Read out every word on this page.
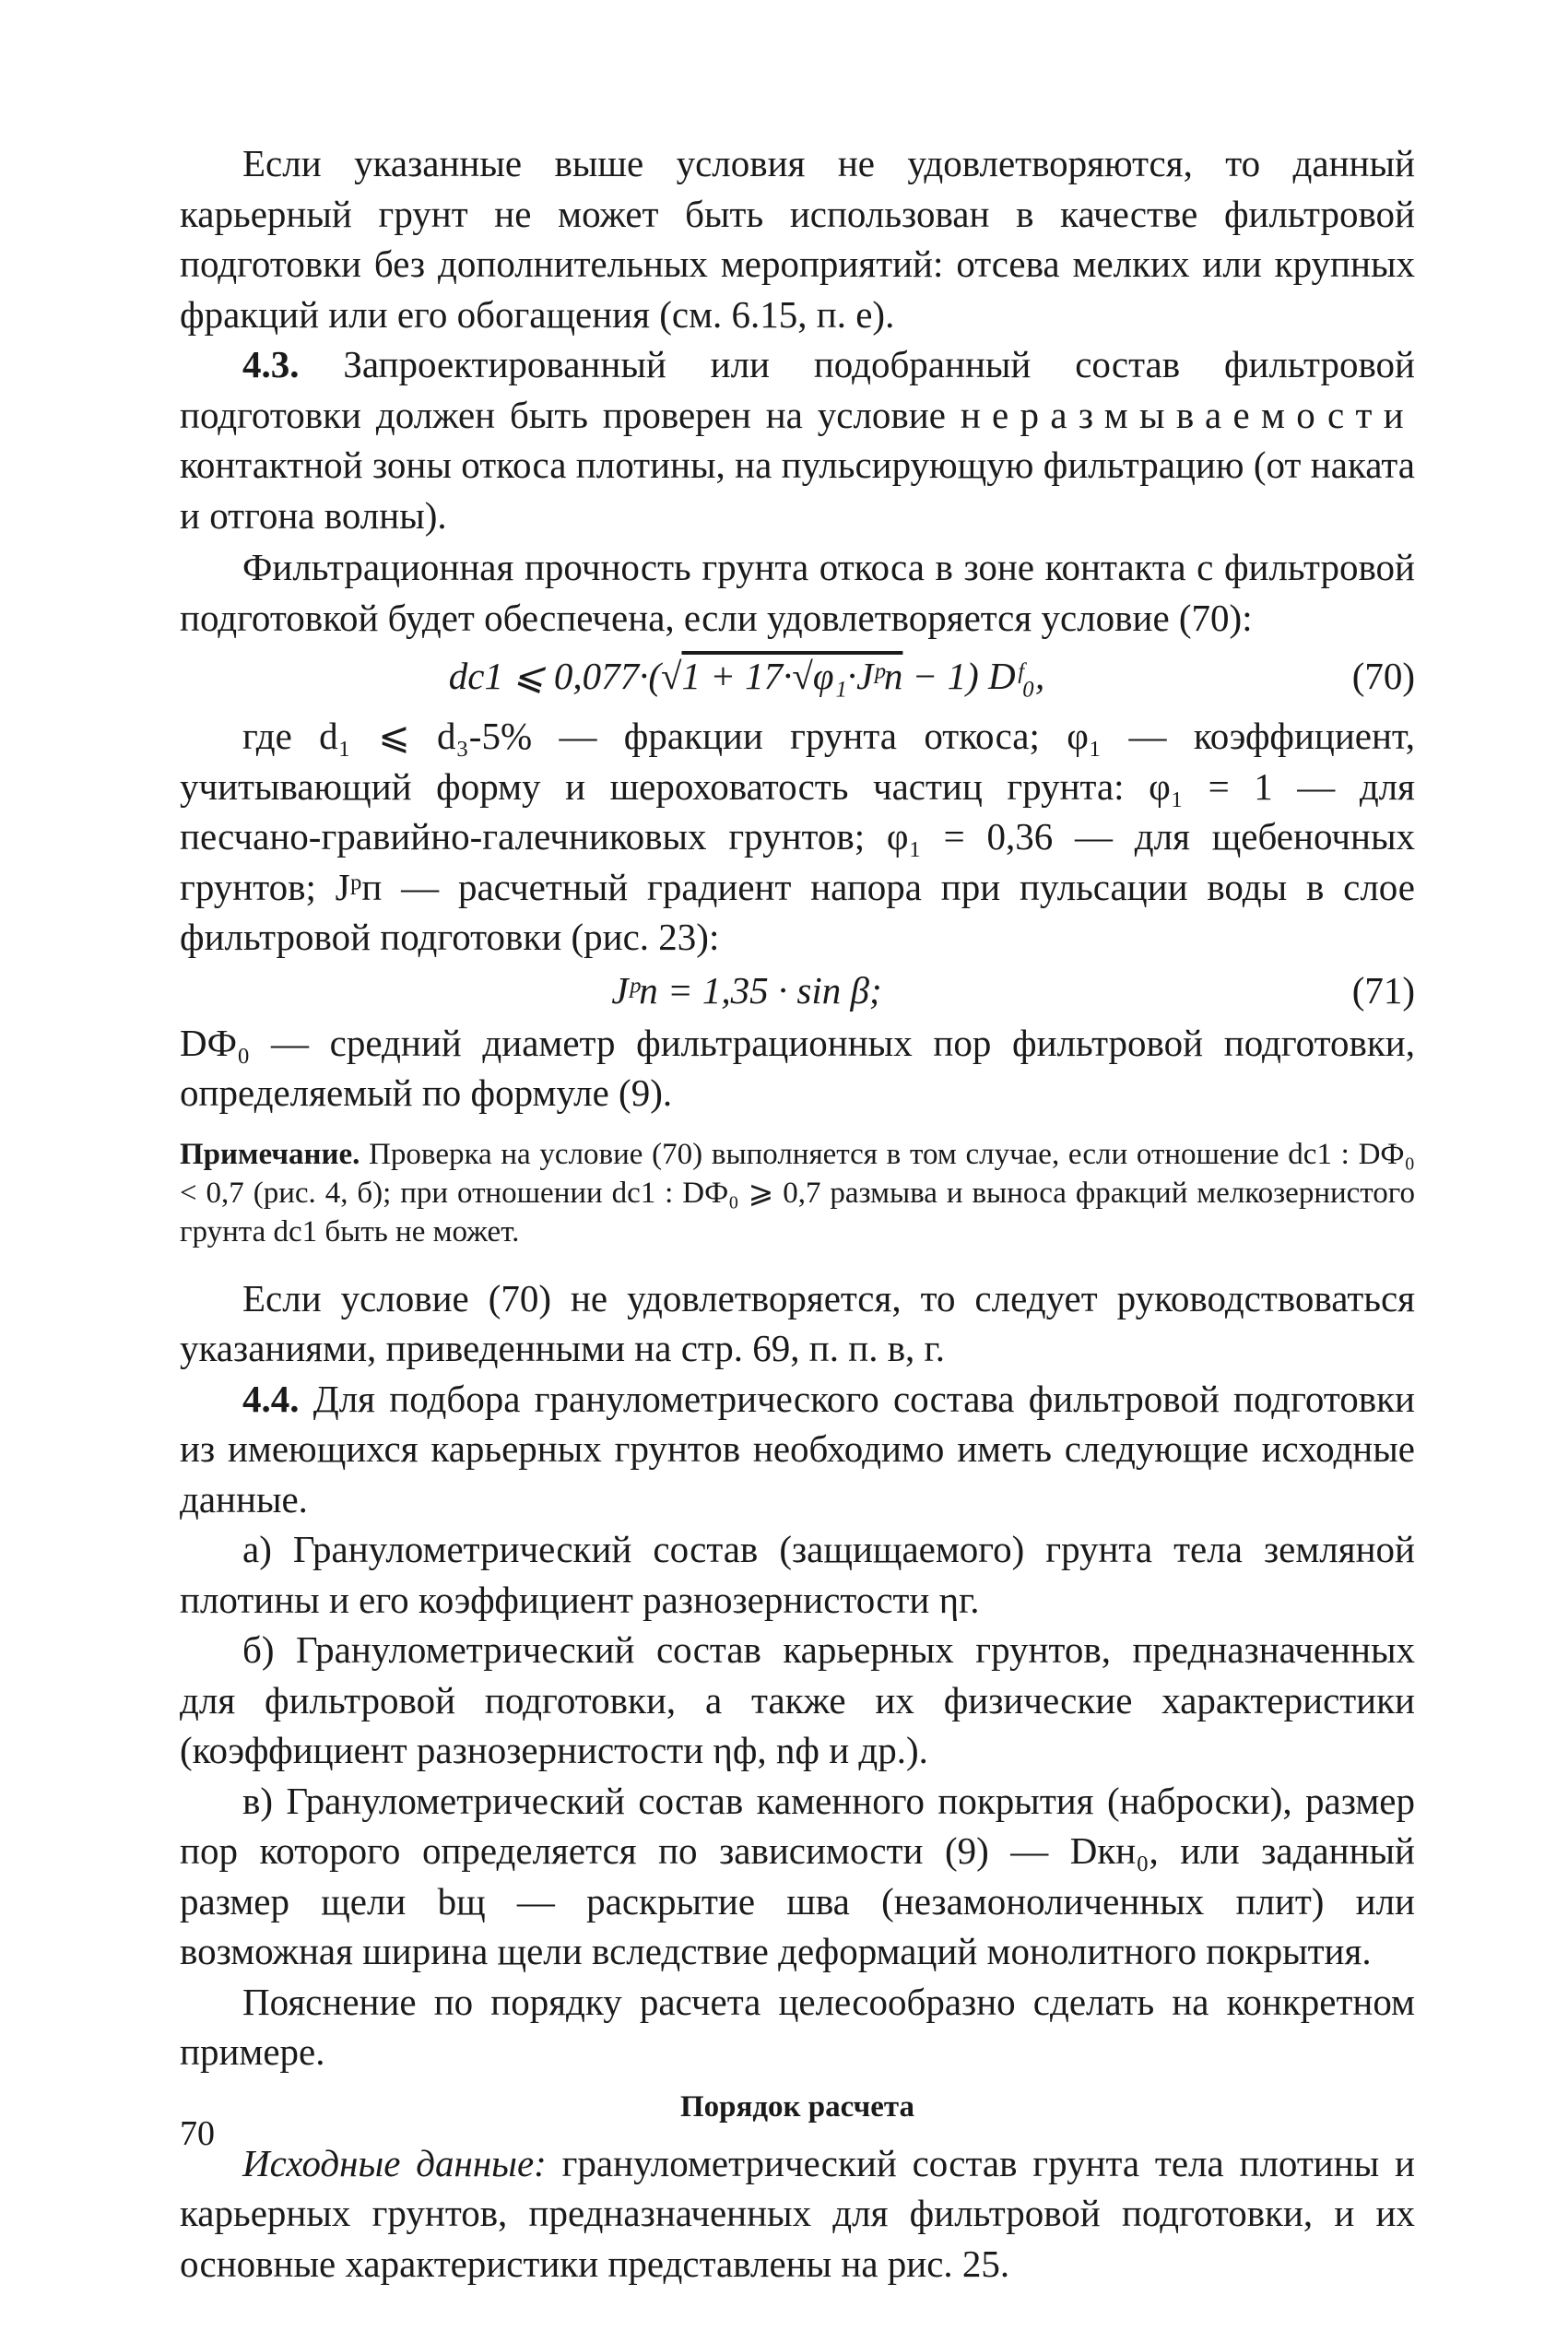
Если указанные выше условия не удовлетворяются, то данный карьерный грунт не может быть использован в качестве фильтровой подготовки без дополнительных мероприятий: отсева мелких или крупных фракций или его обогащения (см. 6.15, п. е).

4.3. Запроектированный или подобранный состав фильтровой подготовки должен быть проверен на условие неразмываемости контактной зоны откоса плотины, на пульсирующую фильтрацию (от наката и отгона волны).

Фильтрационная прочность грунта откоса в зоне контакта с фильтровой подготовкой будет обеспечена, если удовлетворяется условие (70):

dc1 ⩽ 0,077·(√1 + 17·√φ₁·Jᵖп − 1) Dᶠ₀,	(70)

где d₁ ⩽ d₃-5% — фракции грунта откоса; φ₁ — коэффициент, учитывающий форму и шероховатость частиц грунта: φ₁ = 1 — для песчано-гравийно-галечниковых грунтов; φ₁ = 0,36 — для щебеночных грунтов; Jᵖп — расчетный градиент напора при пульсации воды в слое фильтровой подготовки (рис. 23):

Jᵖп = 1,35 · sin β;	(71)

DФ₀ — средний диаметр фильтрационных пор фильтровой подготовки, определяемый по формуле (9).

Примечание. Проверка на условие (70) выполняется в том случае, если отношение dc1 : DФ₀ < 0,7 (рис. 4, б); при отношении dc1 : DФ₀ ⩾ 0,7 размыва и выноса фракций мелкозернистого грунта dc1 быть не может.

Если условие (70) не удовлетворяется, то следует руководствоваться указаниями, приведенными на стр. 69, п. п. в, г.

4.4. Для подбора гранулометрического состава фильтровой подготовки из имеющихся карьерных грунтов необходимо иметь следующие исходные данные.

а) Гранулометрический состав (защищаемого) грунта тела земляной плотины и его коэффициент разнозернистости ηг.

б) Гранулометрический состав карьерных грунтов, предназначенных для фильтровой подготовки, а также их физические характеристики (коэффициент разнозернистости ηф, nф и др.).

в) Гранулометрический состав каменного покрытия (наброски), размер пор которого определяется по зависимости (9) — Dкн₀, или заданный размер щели bщ — раскрытие шва (незамоноличенных плит) или возможная ширина щели вследствие деформаций монолитного покрытия.

Пояснение по порядку расчета целесообразно сделать на конкретном примере.

Порядок расчета

Исходные данные: гранулометрический состав грунта тела плотины и карьерных грунтов, предназначенных для фильтровой подготовки, и их основные характеристики представлены на рис. 25.

70
